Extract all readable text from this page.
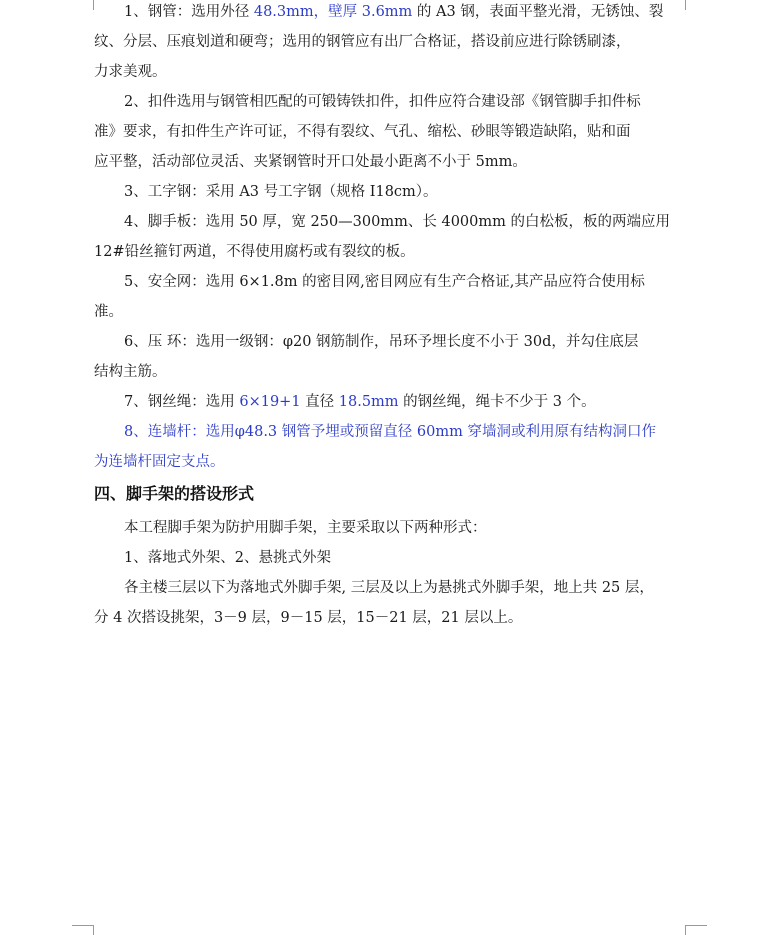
1、钢管：选用外径 48.3mm，壁厚 3.6mm 的 A3 钢，表面平整光滑，无锈蚀、裂
纹、分层、压痕划道和硬弯；选用的钢管应有出厂合格证，搭设前应进行除锈刷漆，
力求美观。

2、扣件选用与钢管相匹配的可锻铸铁扣件，扣件应符合建设部《钢管脚手扣件标
准》要求，有扣件生产许可证，不得有裂纹、气孔、缩松、砂眼等锻造缺陷，贴和面
应平整，活动部位灵活、夹紧钢管时开口处最小距离不小于 5mm。

3、工字钢：采用 A3 号工字钢（规格 I18cm）。

4、脚手板：选用 50 厚，宽 250—300mm、长 4000mm 的白松板，板的两端应用
12#铅丝箍钉两道，不得使用腐朽或有裂纹的板。

5、安全网：选用 6×1.8m 的密目网,密目网应有生产合格证,其产品应符合使用标
准。

6、压 环：选用一级钢：φ20 钢筋制作，吊环予埋长度不小于 30d，并勾住底层
结构主筋。

7、钢丝绳：选用 6×19+1 直径 18.5mm 的钢丝绳，绳卡不少于 3 个。

8、连墙杆：选用φ48.3 钢管予埋或预留直径 60mm 穿墙洞或利用原有结构洞口作
为连墙杆固定支点。

四、脚手架的搭设形式

本工程脚手架为防护用脚手架，主要采取以下两种形式：

1、落地式外架、2、悬挑式外架

各主楼三层以下为落地式外脚手架, 三层及以上为悬挑式外脚手架，地上共 25 层，
分 4 次搭设挑架，3－9 层，9－15 层，15－21 层，21 层以上。
